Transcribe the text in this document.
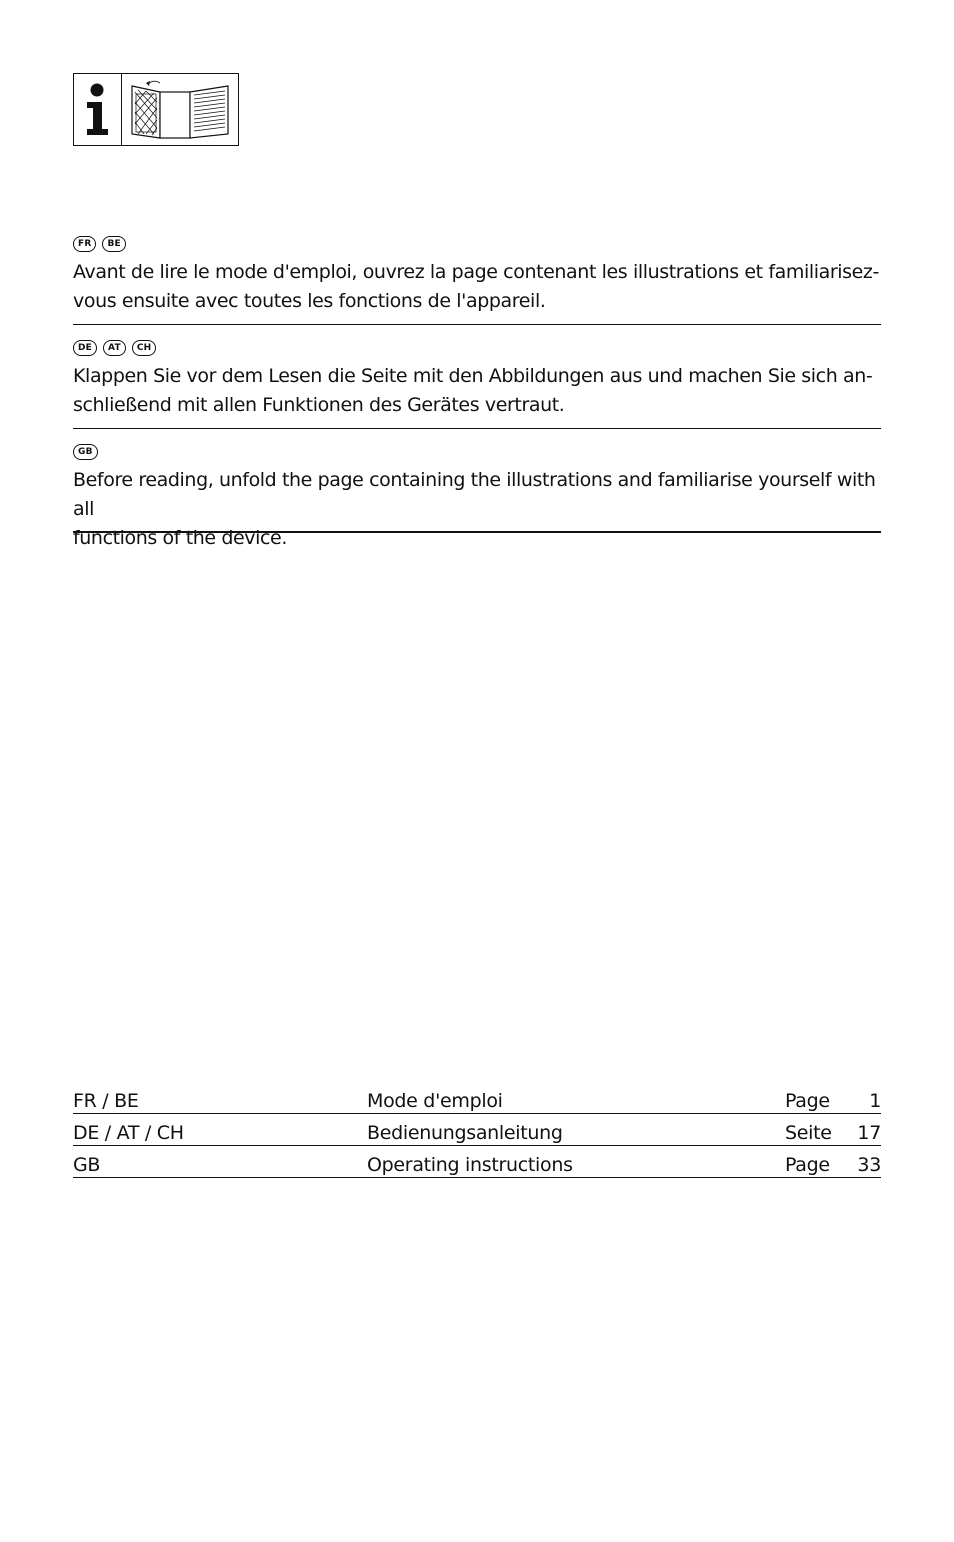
FR	BE
Avant de lire le mode d'emploi, ouvrez la page contenant les illustrations et familiarisez-
vous ensuite avec toutes les fonctions de l'appareil.
DE	AT	CH
Klappen Sie vor dem Lesen die Seite mit den Abbildungen aus und machen Sie sich an-
schließend mit allen Funktionen des Gerätes vertraut.
GB
Before reading, unfold the page containing the illustrations and familiarise yourself with all
functions of the device.
FR / BE	Mode d'emploi	Page	1
DE / AT / CH	Bedienungsanleitung	Seite	17
GB	Operating instructions	Page	33
